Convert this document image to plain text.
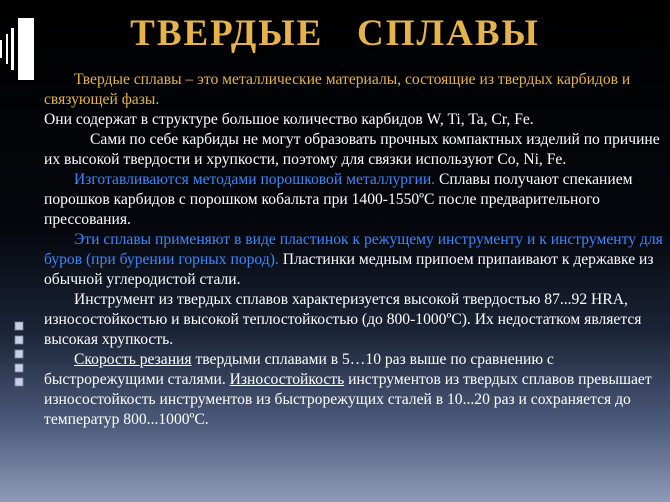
ТВЕРДЫЕ   СПЛАВЫ

Твердые сплавы – это металлические материалы, состоящие из твердых карбидов и связующей фазы.

Они содержат в структуре большое количество карбидов W, Ti, Ta, Cr, Fe.

Сами по себе карбиды не могут образовать прочных компактных изделий по причине их высокой твердости и хрупкости, поэтому для связки используют Co, Ni, Fe.

Изготавливаются методами порошковой металлургии. Сплавы получают спеканием порошков карбидов с порошком кобальта при 1400-1550ºС после предварительного прессования.

Эти сплавы применяют в виде пластинок к режущему инструменту и к инструменту для буров (при бурении горных пород). Пластинки медным припоем припаивают к державке из обычной углеродистой стали.

Инструмент из твердых сплавов характеризуется высокой твердостью 87...92 HRA, износостойкостью и высокой теплостойкостью (до 800-1000ºС). Их недостатком является высокая хрупкость.

Скорость резания твердыми сплавами в 5…10 раз выше по сравнению с быстрорежущими сталями. Износостойкость инструментов из твердых сплавов превышает износостойкость инструментов из быстрорежущих сталей в 10...20 раз и сохраняется до температур 800...1000ºС.
